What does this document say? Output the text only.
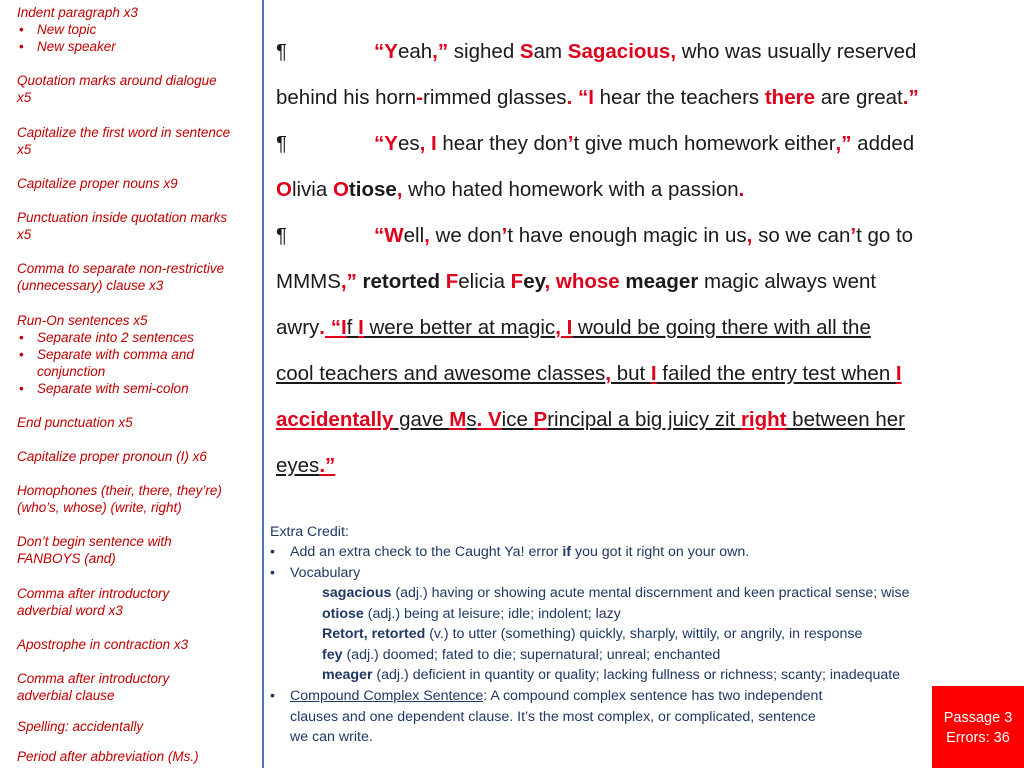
Indent paragraph x3
• New topic
• New speaker
Quotation marks around dialogue
x5
Capitalize the first word in sentence
x5
Capitalize proper nouns x9
Punctuation inside quotation marks
x5
Comma to separate non-restrictive
(unnecessary) clause x3
Run-On sentences x5
• Separate into 2 sentences
• Separate with comma and
conjunction
• Separate with semi-colon
End punctuation x5
Capitalize proper pronoun (I) x6
Homophones (their, there, they’re)
(who’s, whose) (write, right)
Don’t begin sentence with
FANBOYS (and)
Comma after introductory
adverbial word x3
Apostrophe in contraction x3
Comma after introductory
adverbial clause
Spelling: accidentally
Period after abbreviation (Ms.)
¶	“Yeah,” sighed Sam Sagacious, who was usually reserved
behind his horn-rimmed glasses. “I hear the teachers there are great.”
¶	“Yes, I hear they don’t give much homework either,” added
Olivia Otiose, who hated homework with a passion.
¶	“Well, we don’t have enough magic in us, so we can’t go to
MMMS,” retorted Felicia Fey, whose meager magic always went
awry. “If I were better at magic, I would be going there with all the
cool teachers and awesome classes, but I failed the entry test when I
accidentally gave Ms. Vice Principal a big juicy zit right between her
eyes.”
Extra Credit:
• Add an extra check to the Caught Ya! error if you got it right on your own.
• Vocabulary
sagacious (adj.) having or showing acute mental discernment and keen practical sense; wise
otiose (adj.) being at leisure; idle; indolent; lazy
Retort, retorted (v.) to utter (something) quickly, sharply, wittily, or angrily, in response
fey (adj.) doomed; fated to die; supernatural; unreal; enchanted
meager (adj.) deficient in quantity or quality; lacking fullness or richness; scanty; inadequate
• Compound Complex Sentence: A compound complex sentence has two independent
clauses and one dependent clause. It’s the most complex, or complicated, sentence
we can write.
Passage 3
Errors: 36
